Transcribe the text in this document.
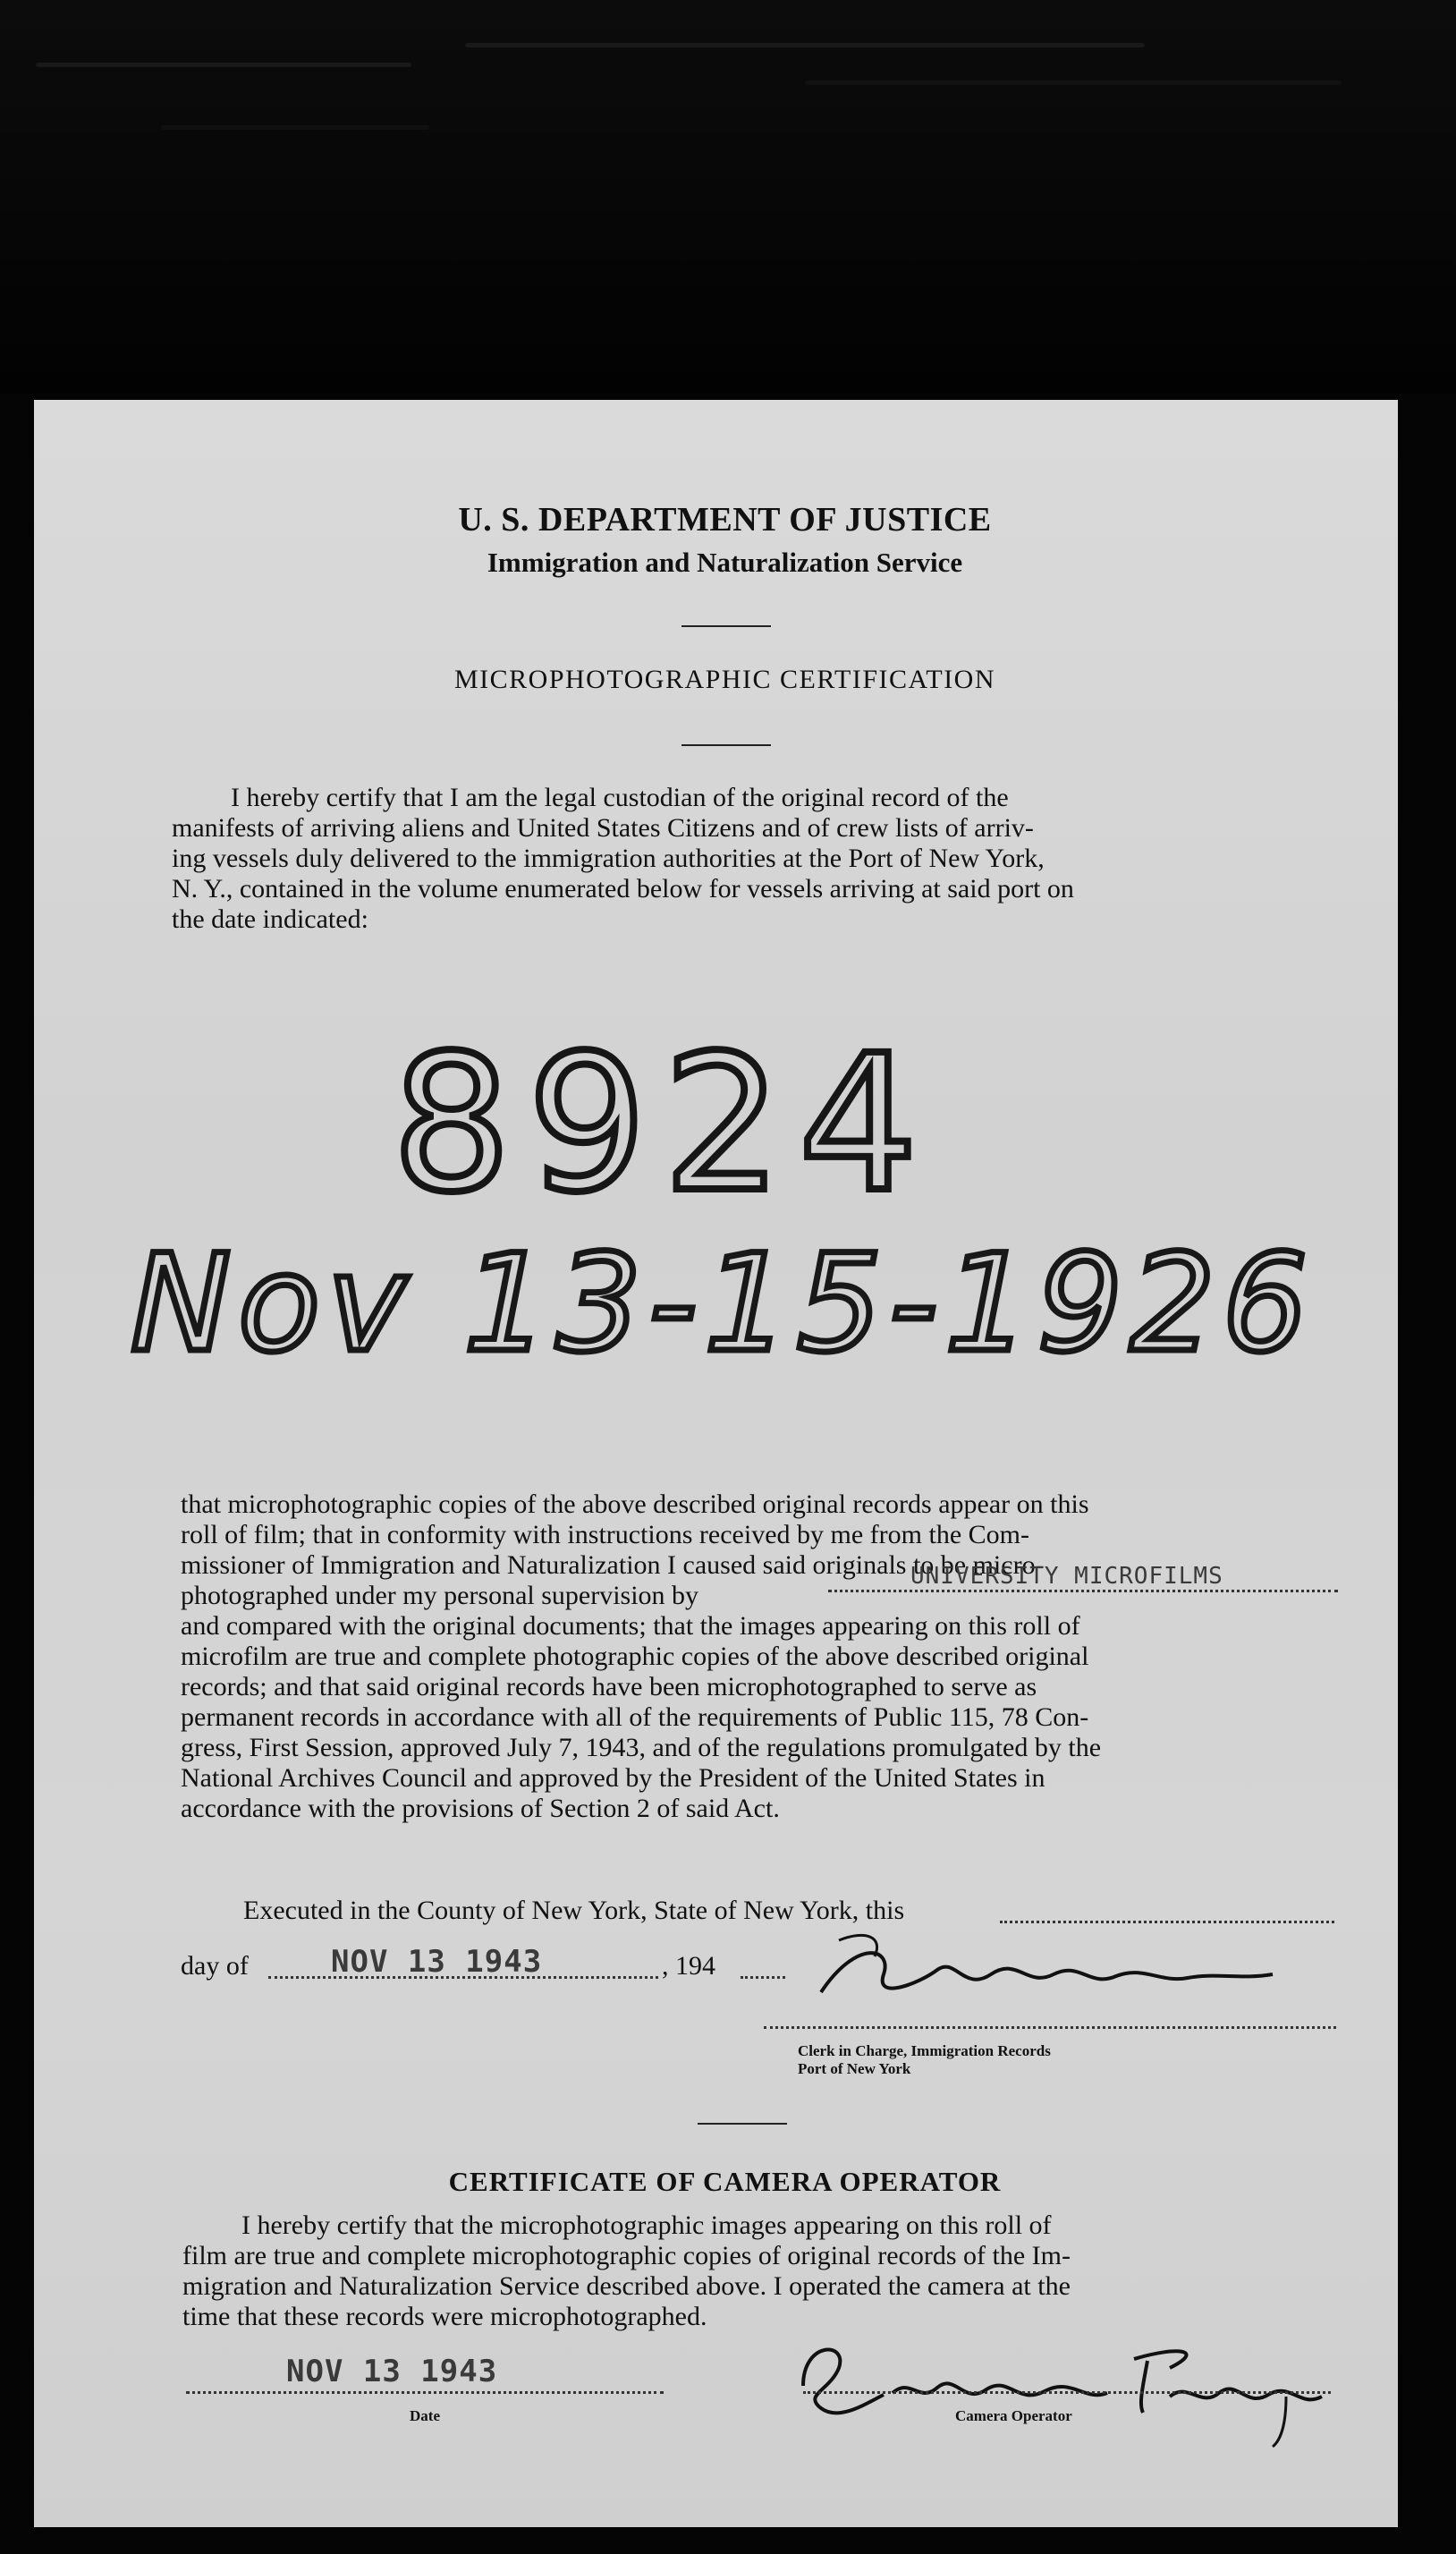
U. S. DEPARTMENT OF JUSTICE
Immigration and Naturalization Service
MICROPHOTOGRAPHIC CERTIFICATION

I hereby certify that I am the legal custodian of the original record of the

manifests of arriving aliens and United States Citizens and of crew lists of arriv-

ing vessels duly delivered to the immigration authorities at the Port of New York,

N. Y., contained in the volume enumerated below for vessels arriving at said port on

the date indicated:

8924
Nov 13-15-1926

that microphotographic copies of the above described original records appear on this

roll of film; that in conformity with instructions received by me from the Com-

missioner of Immigration and Naturalization I caused said originals to be micro-

photographed under my personal supervision by

UNIVERSITY MICROFILMS

and compared with the original documents; that the images appearing on this roll of

microfilm are true and complete photographic copies of the above described original

records; and that said original records have been microphotographed to serve as

permanent records in accordance with all of the requirements of Public 115, 78 Con-

gress, First Session, approved July 7, 1943, and of the regulations promulgated by the

National Archives Council and approved by the President of the United States in

accordance with the provisions of Section 2 of said Act.

Executed in the County of New York, State of New York, this
day of	NOV 13 1943	, 194
Clerk in Charge, Immigration Records
Port of New York
CERTIFICATE OF CAMERA OPERATOR

I hereby certify that the microphotographic images appearing on this roll of

film are true and complete microphotographic copies of original records of the Im-

migration and Naturalization Service described above. I operated the camera at the

time that these records were microphotographed.

NOV 13 1943
Date	Camera Operator
